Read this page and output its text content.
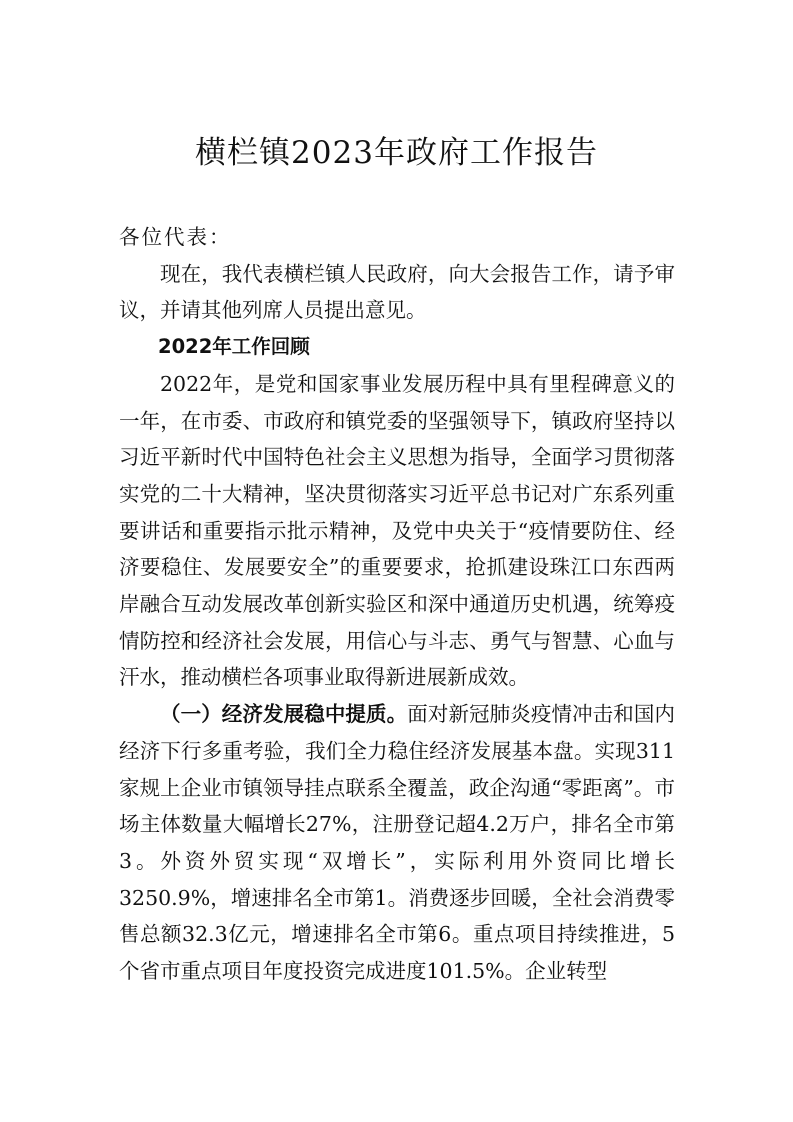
横栏镇2023年政府工作报告

各位代表：

现在，我代表横栏镇人民政府，向大会报告工作，请予审议，并请其他列席人员提出意见。

2022年工作回顾

2022年，是党和国家事业发展历程中具有里程碑意义的一年，在市委、市政府和镇党委的坚强领导下，镇政府坚持以习近平新时代中国特色社会主义思想为指导，全面学习贯彻落实党的二十大精神，坚决贯彻落实习近平总书记对广东系列重要讲话和重要指示批示精神，及党中央关于“疫情要防住、经济要稳住、发展要安全”的重要要求，抢抓建设珠江口东西两岸融合互动发展改革创新实验区和深中通道历史机遇，统筹疫情防控和经济社会发展，用信心与斗志、勇气与智慧、心血与汗水，推动横栏各项事业取得新进展新成效。

（一）经济发展稳中提质。面对新冠肺炎疫情冲击和国内经济下行多重考验，我们全力稳住经济发展基本盘。实现311家规上企业市镇领导挂点联系全覆盖，政企沟通“零距离”。市场主体数量大幅增长27%，注册登记超4.2万户，排名全市第3。外资外贸实现“双增长”，实际利用外资同比增长3250.9%，增速排名全市第1。消费逐步回暖，全社会消费零售总额32.3亿元，增速排名全市第6。重点项目持续推进，5个省市重点项目年度投资完成进度101.5%。企业转型
